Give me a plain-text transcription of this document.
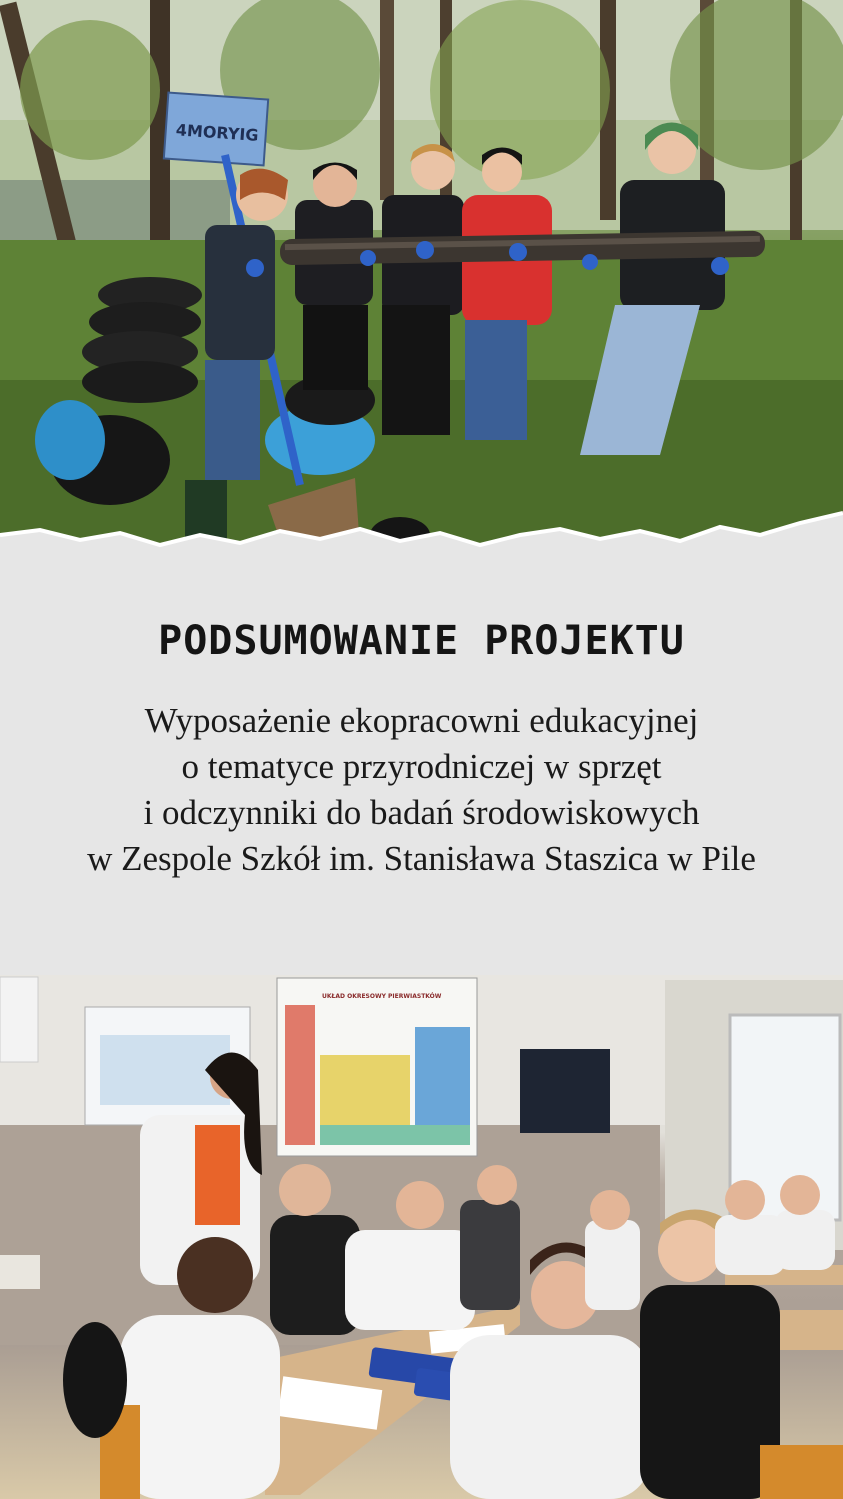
4MORYIG
PODSUMOWANIE PROJEKTU
Wyposażenie ekopracowni edukacyjnej
o tematyce przyrodniczej w sprzęt
i odczynniki do badań środowiskowych
w Zespole Szkół im. Stanisława Staszica w Pile
UKŁAD OKRESOWY PIERWIASTKÓW
